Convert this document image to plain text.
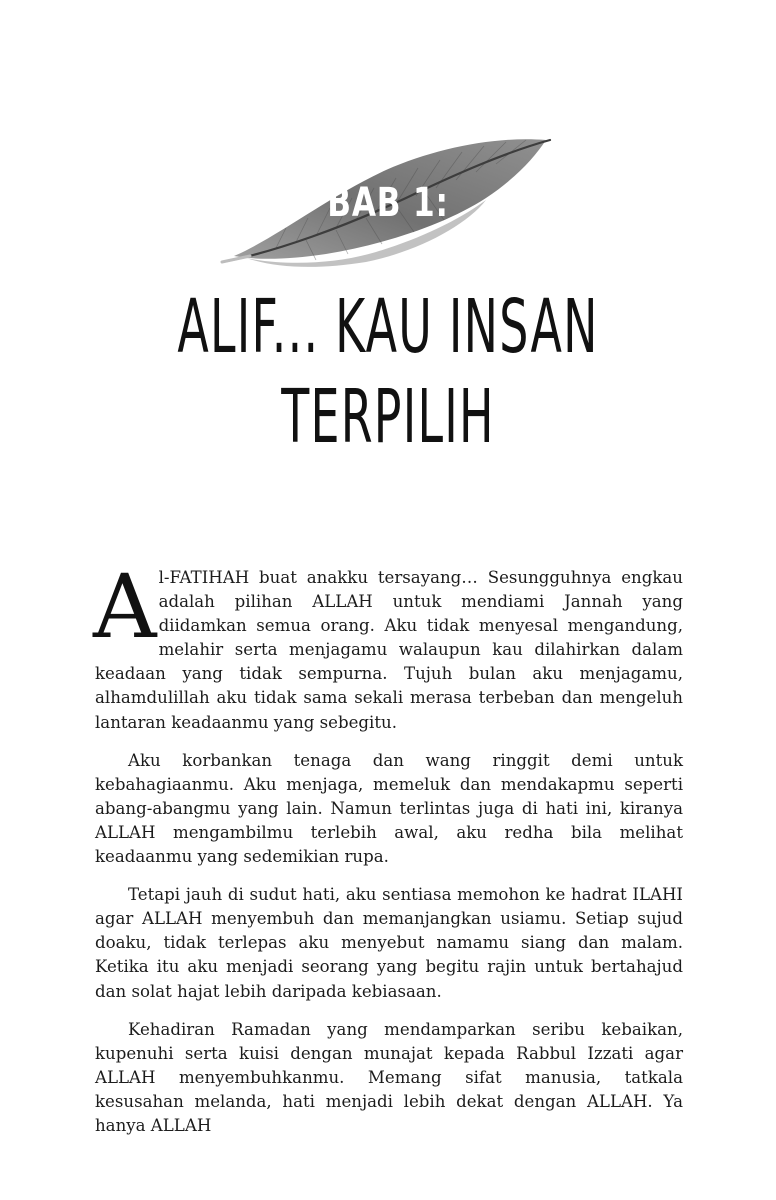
BAB 1:
ALIF... KAU INSAN
TERPILIH

Al-FATIHAH buat anakku tersayang… Sesungguhnya engkau adalah pilihan ALLAH untuk mendiami Jannah yang diidamkan semua orang. Aku tidak menyesal mengandung, melahir serta menjagamu walaupun kau dilahirkan dalam keadaan yang tidak sempurna. Tujuh bulan aku menjagamu, alhamdulillah aku tidak sama sekali merasa terbeban dan mengeluh lantaran keadaanmu yang sebegitu.

Aku korbankan tenaga dan wang ringgit demi untuk kebahagiaanmu. Aku menjaga, memeluk dan mendakapmu seperti abang-abangmu yang lain. Namun terlintas juga di hati ini, kiranya ALLAH mengambilmu terlebih awal, aku redha bila melihat keadaanmu yang sedemikian rupa.

Tetapi jauh di sudut hati, aku sentiasa memohon ke hadrat ILAHI agar ALLAH menyembuh dan memanjangkan usiamu. Setiap sujud doaku, tidak terlepas aku menyebut namamu siang dan malam. Ketika itu aku menjadi seorang yang begitu rajin untuk bertahajud dan solat hajat lebih daripada kebiasaan.

Kehadiran Ramadan yang mendamparkan seribu kebaikan, kupenuhi serta kuisi dengan munajat kepada Rabbul Izzati agar ALLAH menyembuhkanmu. Memang sifat manusia, tatkala kesusahan melanda, hati menjadi lebih dekat dengan ALLAH. Ya hanya ALLAH
